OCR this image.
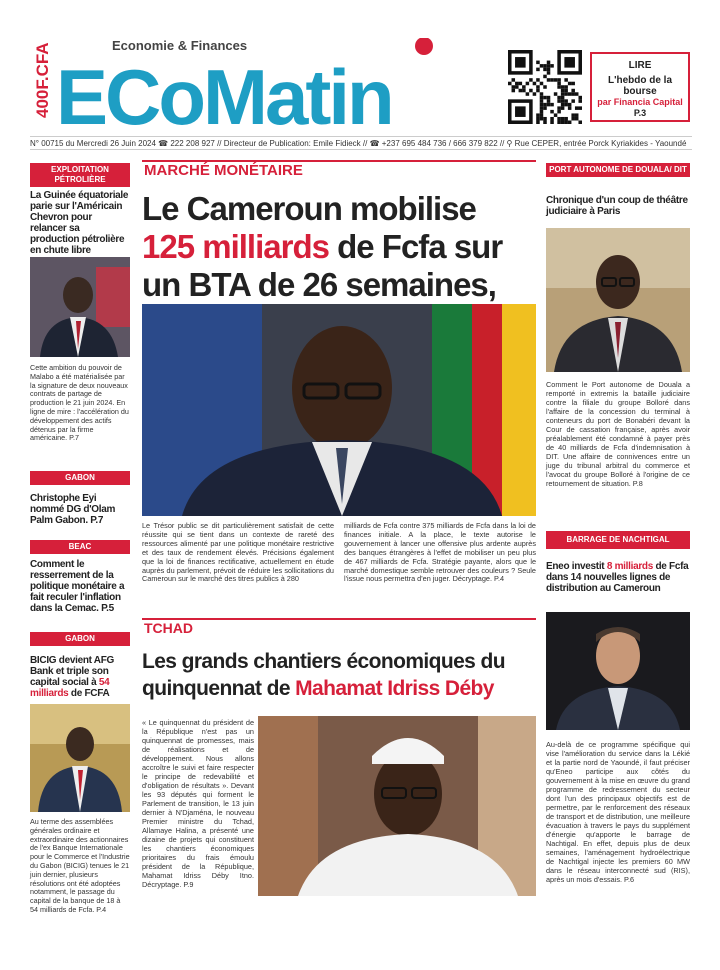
400F.CFA	Economie & Finances
ECoMatin	LIRE
L'hebdo de la bourse
par Financia Capital
P.3
N° 00715 du Mercredi 26 Juin 2024 ☎ 222 208 927 // Directeur de Publication: Emile Fidieck // ☎ +237 695 484 736 / 666 379 822 // ⚲ Rue CEPER, entrée Porck Kyriakides - Yaoundé
EXPLOITATION PÉTROLIÈRE
La Guinée équatoriale parie sur l'Américain Chevron pour relancer sa production pétrolière en chute libre
Cette ambition du pouvoir de Malabo a été matérialisée par la signature de deux nouveaux contrats de partage de production le 21 juin 2024. En ligne de mire : l'accélération du développement des actifs détenus par la firme américaine. P.7
GABON
Christophe Eyi nommé DG d'Olam Palm Gabon. P.7
BEAC
Comment le resserrement de la politique monétaire a fait reculer l'inflation dans la Cemac. P.5
GABON
BICIG devient AFG Bank et triple son capital social à 54 milliards de FCFA
Au terme des assemblées générales ordinaire et extraordinaire des actionnaires de l'ex Banque Internationale pour le Commerce et l'Industrie du Gabon (BICIG) tenues le 21 juin dernier, plusieurs résolutions ont été adoptées notamment, le passage du capital de la banque de 18 à 54 milliards de Fcfa. P.4
MARCHÉ MONÉTAIRE
Le Cameroun mobilise 125 milliards de Fcfa sur un BTA de 26 semaines,
Le Trésor public se dit particulièrement satisfait de cette réussite qui se tient dans un contexte de rareté des ressources alimenté par une politique monétaire restrictive et des taux de rendement élevés. Précisions également que la loi de finances rectificative, actuellement en étude auprès du parlement, prévoit de réduire les sollicitations du Cameroun sur le marché des titres publics à 280
milliards de Fcfa contre 375 milliards de Fcfa dans la loi de finances initiale. A la place, le texte autorise le gouvernement à lancer une offensive plus ardente auprès des banques étrangères à l'effet de mobiliser un peu plus de 467 milliards de Fcfa. Stratégie payante, alors que le marché domestique semble retrouver des couleurs ? Seule l'issue nous permettra d'en juger. Décryptage. P.4
TCHAD
Les grands chantiers économiques du quinquennat de Mahamat Idriss Déby
« Le quinquennat du président de la République n'est pas un quinquennat de promesses, mais de réalisations et de développement. Nous allons accroître le suivi et faire respecter le principe de redevabilité et d'obligation de résultats ». Devant les 93 députés qui forment le Parlement de transition, le 13 juin dernier à N'Djaména, le nouveau Premier ministre du Tchad, Allamaye Halina, a présenté une dizaine de projets qui constituent les chantiers économiques prioritaires du frais émoulu président de la République, Mahamat Idriss Déby Itno. Décryptage. P.9
PORT AUTONOME DE DOUALA/ DIT
Chronique d'un coup de théâtre judiciaire à Paris
Comment le Port autonome de Douala a remporté in extremis la bataille judiciaire contre la filiale du groupe Bolloré dans l'affaire de la concession du terminal à conteneurs du port de Bonabéri devant la Cour de cassation française, après avoir préalablement été condamné à payer près de 40 milliards de Fcfa d'indemnisation à DIT. Une affaire de connivences entre un juge du tribunal arbitral du commerce et l'avocat du groupe Bolloré à l'origine de ce retournement de situation. P.8
BARRAGE DE NACHTIGAL
Eneo investit 8 milliards de Fcfa dans 14 nouvelles lignes de distribution au Cameroun
Au-delà de ce programme spécifique qui vise l'amélioration du service dans la Lékié et la partie nord de Yaoundé, il faut préciser qu'Eneo participe aux côtés du gouvernement à la mise en œuvre du grand programme de redressement du secteur dont l'un des principaux objectifs est de permettre, par le renforcement des réseaux de transport et de distribution, une meilleure évacuation à travers le pays du supplément d'énergie qu'apporte le barrage de Nachtigal. En effet, depuis plus de deux semaines, l'aménagement hydroélectrique de Nachtigal injecte les premiers 60 MW dans le réseau interconnecté sud (RIS), après un mois d'essais. P.6
